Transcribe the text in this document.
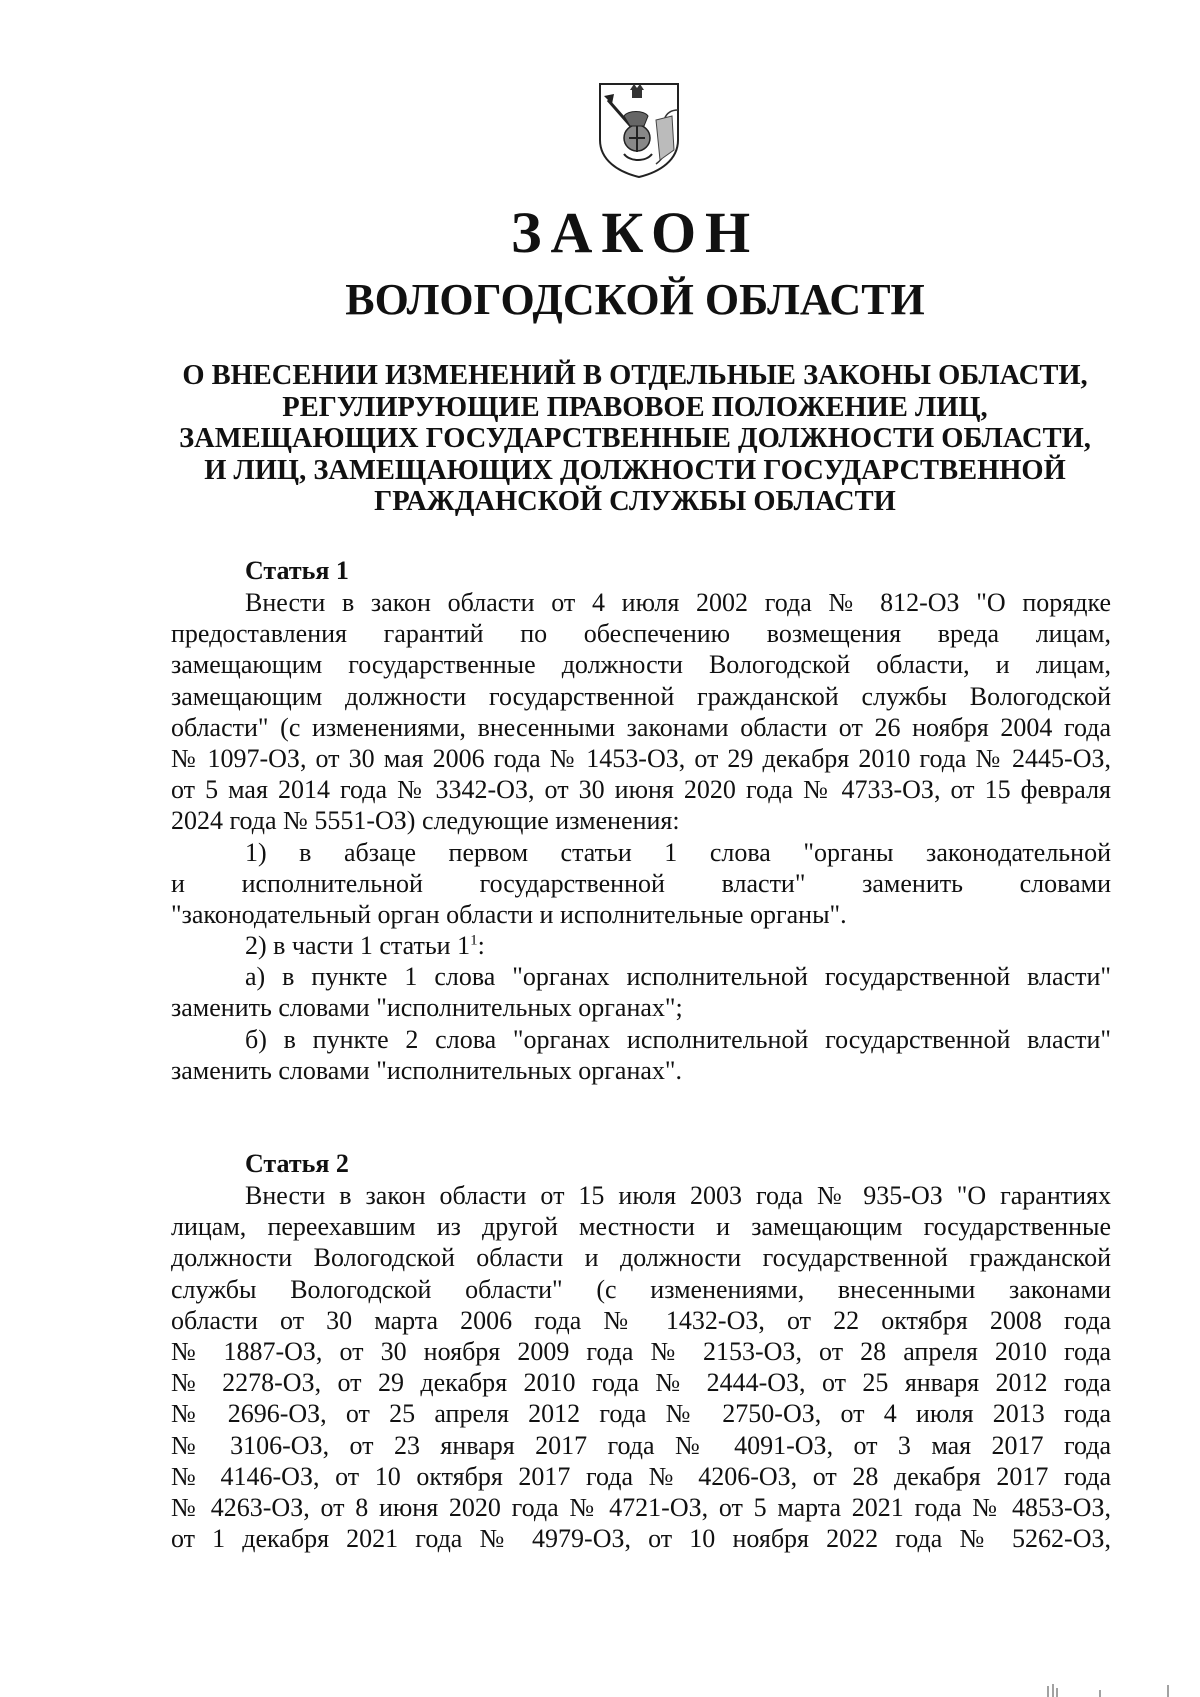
ЗАКОН
ВОЛОГОДСКОЙ ОБЛАСТИ
О ВНЕСЕНИИ ИЗМЕНЕНИЙ В ОТДЕЛЬНЫЕ ЗАКОНЫ ОБЛАСТИ,
РЕГУЛИРУЮЩИЕ ПРАВОВОЕ ПОЛОЖЕНИЕ ЛИЦ,
ЗАМЕЩАЮЩИХ ГОСУДАРСТВЕННЫЕ ДОЛЖНОСТИ ОБЛАСТИ,
И ЛИЦ, ЗАМЕЩАЮЩИХ ДОЛЖНОСТИ ГОСУДАРСТВЕННОЙ
ГРАЖДАНСКОЙ СЛУЖБЫ ОБЛАСТИ
Статья 1
Внести в закон области от 4 июля 2002 года № 812-ОЗ "О порядке
предоставления гарантий по обеспечению возмещения вреда лицам,
замещающим государственные должности Вологодской области, и лицам,
замещающим должности государственной гражданской службы Вологодской
области" (с изменениями, внесенными законами области от 26 ноября 2004 года
№ 1097-ОЗ, от 30 мая 2006 года № 1453-ОЗ, от 29 декабря 2010 года № 2445-ОЗ,
от 5 мая 2014 года № 3342-ОЗ, от 30 июня 2020 года № 4733-ОЗ, от 15 февраля
2024 года № 5551-ОЗ) следующие изменения:
1) в абзаце первом статьи 1 слова "органы законодательной
и исполнительной государственной власти" заменить словами
"законодательный орган области и исполнительные органы".
2) в части 1 статьи $1^1$:
а) в пункте 1 слова "органах исполнительной государственной власти"
заменить словами "исполнительных органах";
б) в пункте 2 слова "органах исполнительной государственной власти"
заменить словами "исполнительных органах".
Статья 2
Внести в закон области от 15 июля 2003 года № 935-ОЗ "О гарантиях
лицам, переехавшим из другой местности и замещающим государственные
должности Вологодской области и должности государственной гражданской
службы Вологодской области" (с изменениями, внесенными законами
области от 30 марта 2006 года № 1432-ОЗ, от 22 октября 2008 года
№ 1887-ОЗ, от 30 ноября 2009 года № 2153-ОЗ, от 28 апреля 2010 года
№ 2278-ОЗ, от 29 декабря 2010 года № 2444-ОЗ, от 25 января 2012 года
№ 2696-ОЗ, от 25 апреля 2012 года № 2750-ОЗ, от 4 июля 2013 года
№ 3106-ОЗ, от 23 января 2017 года № 4091-ОЗ, от 3 мая 2017 года
№ 4146-ОЗ, от 10 октября 2017 года № 4206-ОЗ, от 28 декабря 2017 года
№ 4263-ОЗ, от 8 июня 2020 года № 4721-ОЗ, от 5 марта 2021 года № 4853-ОЗ,
от 1 декабря 2021 года № 4979-ОЗ, от 10 ноября 2022 года № 5262-ОЗ,
